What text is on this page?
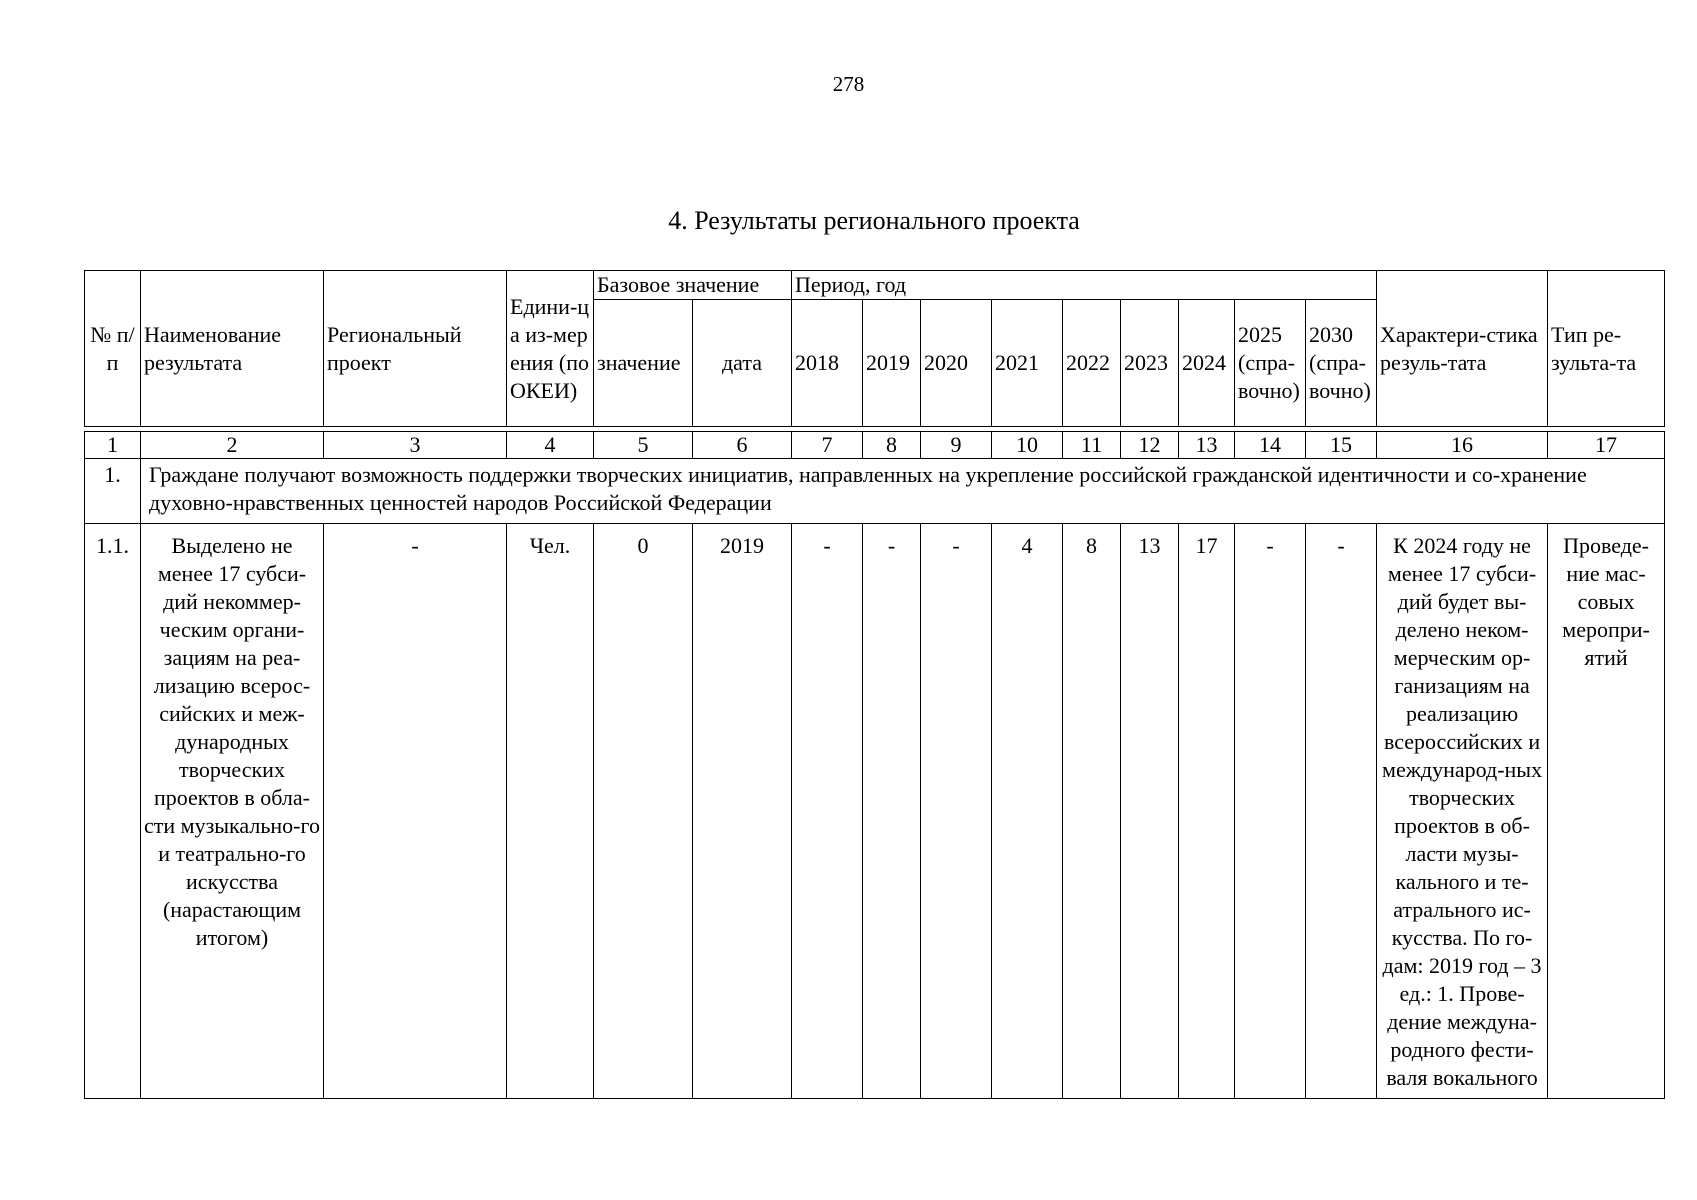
278
4. Результаты регионального проекта
№ п/п	Наименование результата	Региональный проект	Едини-ца из-мерения (по ОКЕИ)	Базовое значение		Период, год									Характери-стика резуль-тата	Тип ре-зульта-та
				значение	дата	2018	2019	2020	2021	2022	2023	2024	2025 (спра-вочно)	2030 (спра-вочно)		

1	2	3	4	5	6	7	8	9	10	11	12	13	14	15	16	17
1.	Граждане получают возможность поддержки творческих инициатив, направленных на укрепление российской гражданской идентичности и со-хранение духовно-нравственных ценностей народов Российской Федерации															
1.1.	Выделено не менее 17 субси-дий некоммер-ческим органи-зациям на реа-лизацию всерос-сийских и меж-дународных творческих проектов в обла-сти музыкально-го и театрально-го искусства (нарастающим итогом)	-	Чел.	0	2019	-	-	-	4	8	13	17	-	-	К 2024 году не менее 17 субси-дий будет вы-делено неком-мерческим ор-ганизациям на реализацию всероссийских и международ-ных творческих проектов в об-ласти музы-кального и те-атрального ис-кусства. По го-дам: 2019 год – 3 ед.: 1. Прове-дение междуна-родного фести-валя вокального	Проведе-ние мас-совых меропри-ятий
